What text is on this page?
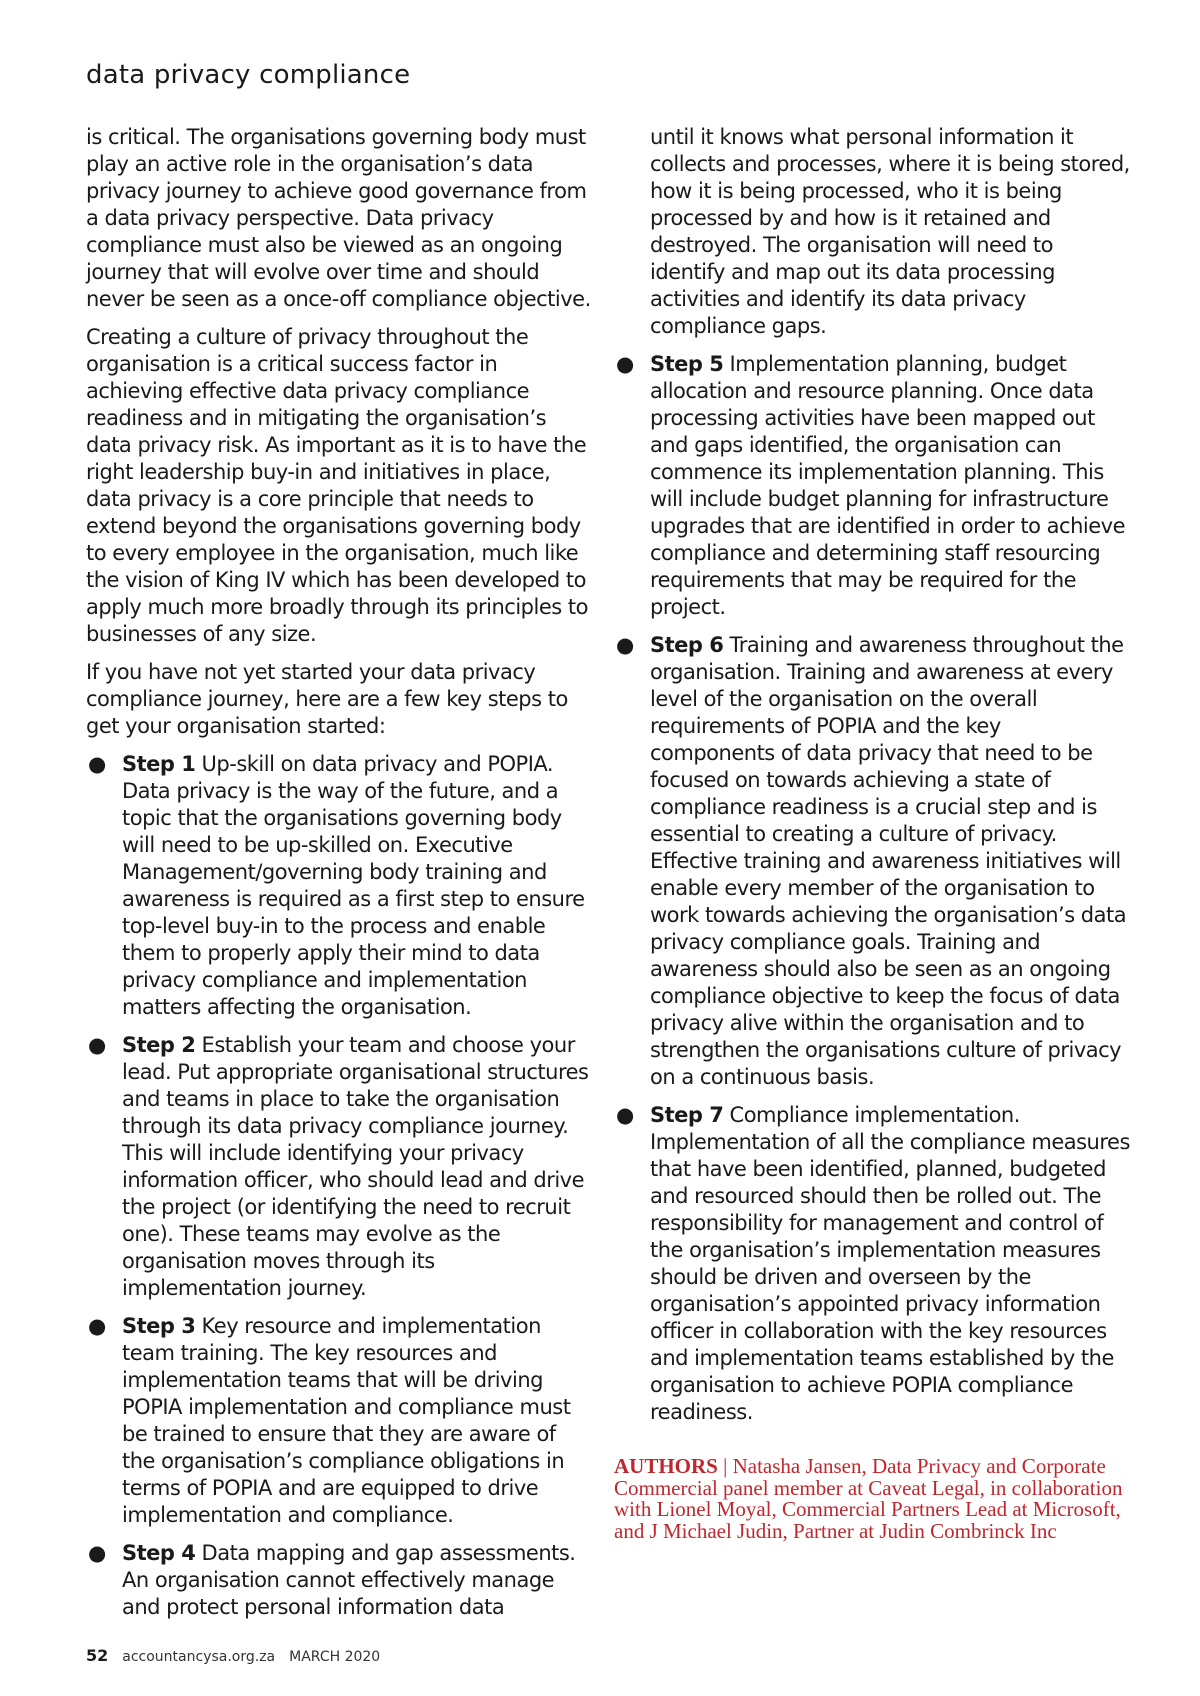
data privacy compliance

is critical. The organisations governing body must play an active role in the organisation’s data privacy journey to achieve good governance from a data privacy perspective. Data privacy compliance must also be viewed as an ongoing journey that will evolve over time and should never be seen as a once-off compliance objective.

Creating a culture of privacy throughout the organisation is a critical success factor in achieving effective data privacy compliance readiness and in mitigating the organisation’s data privacy risk. As important as it is to have the right leadership buy-in and initiatives in place, data privacy is a core principle that needs to extend beyond the organisations governing body to every employee in the organisation, much like the vision of King IV which has been developed to apply much more broadly through its principles to businesses of any size.

If you have not yet started your data privacy compliance journey, here are a few key steps to get your organisation started:

● Step 1 Up-skill on data privacy and POPIA. Data privacy is the way of the future, and a topic that the organisations governing body will need to be up-skilled on. Executive Management/governing body training and awareness is required as a first step to ensure top-level buy-in to the process and enable them to properly apply their mind to data privacy compliance and implementation matters affecting the organisation.
● Step 2 Establish your team and choose your lead. Put appropriate organisational structures and teams in place to take the organisation through its data privacy compliance journey. This will include identifying your privacy information officer, who should lead and drive the project (or identifying the need to recruit one). These teams may evolve as the organisation moves through its implementation journey.
● Step 3 Key resource and implementation team training. The key resources and implementation teams that will be driving POPIA implementation and compliance must be trained to ensure that they are aware of the organisation’s compliance obligations in terms of POPIA and are equipped to drive implementation and compliance.
● Step 4 Data mapping and gap assessments. An organisation cannot effectively manage and protect personal information data
until it knows what personal information it collects and processes, where it is being stored, how it is being processed, who it is being processed by and how is it retained and destroyed. The organisation will need to identify and map out its data processing activities and identify its data privacy compliance gaps.
● Step 5 Implementation planning, budget allocation and resource planning. Once data processing activities have been mapped out and gaps identified, the organisation can commence its implementation planning. This will include budget planning for infrastructure upgrades that are identified in order to achieve compliance and determining staff resourcing requirements that may be required for the project.
● Step 6 Training and awareness throughout the organisation. Training and awareness at every level of the organisation on the overall requirements of POPIA and the key components of data privacy that need to be focused on towards achieving a state of compliance readiness is a crucial step and is essential to creating a culture of privacy. Effective training and awareness initiatives will enable every member of the organisation to work towards achieving the organisation’s data privacy compliance goals. Training and awareness should also be seen as an ongoing compliance objective to keep the focus of data privacy alive within the organisation and to strengthen the organisations culture of privacy on a continuous basis.
● Step 7 Compliance implementation. Implementation of all the compliance measures that have been identified, planned, budgeted and resourced should then be rolled out. The responsibility for management and control of the organisation’s implementation measures should be driven and overseen by the organisation’s appointed privacy information officer in collaboration with the key resources and implementation teams established by the organisation to achieve POPIA compliance readiness.
AUTHORS | Natasha Jansen, Data Privacy and Corporate Commercial panel member at Caveat Legal, in collaboration with Lionel Moyal, Commercial Partners Lead at Microsoft, and J Michael Judin, Partner at Judin Combrinck Inc
52 accountancysa.org.za MARCH 2020
